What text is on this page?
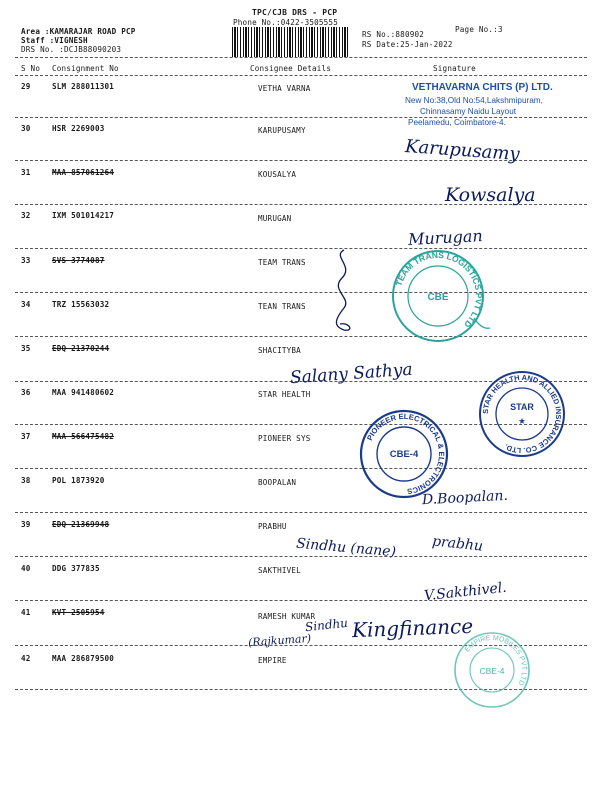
TPC/CJB DRS - PCP
Phone No.:0422-3505555
Page No.:3
Area :KAMARAJAR ROAD PCP
Staff :VIGNESH
DRS No. :DCJB88090203
RS No.:880902
RS Date:25-Jan-2022
S No Consignment No	Consignee Details	Signature
29	SLM 288011301	VETHA VARNA
30	HSR 2269003	KARUPUSAMY
31	MAA 857061264	KOUSALYA
32	IXM 501014217	MURUGAN
33	SVS 3774087	TEAM TRANS
34	TRZ 15563032	TEAN TRANS
35	EDQ 21370244	SHACITYBA
36	MAA 941480602	STAR HEALTH
37	MAA 566475482	PIONEER SYS
38	POL 1873920	BOOPALAN
39	EDQ 21369948	PRABHU
40	DDG 377835	SAKTHIVEL
41	KVT 2505954	RAMESH KUMAR
42	MAA 286879500	EMPIRE
VETHAVARNA CHITS (P) LTD.
New No:38,Old No:54,Lakshmipuram,
Chinnasamy Naidu Layout
Peelamedu, Coimbatore-4.
TEAM TRANS LOGISTICS PVT LTD
CBE
STAR HEALTH AND ALLIED INSURANCE CO. LTD.
STAR
★
PIONEER ELECTRICAL & ELECTRONICS
CBE-4
EMPIRE MOBILES PVT LTD
CBE-4
Karupusamy
Kowsalya
Murugan
Salany Sathya
D.Boopalan.
Sindhu (nane) prabhu
V.Sakthivel.
Sindhu
(Rajkumar) Kingfinance
